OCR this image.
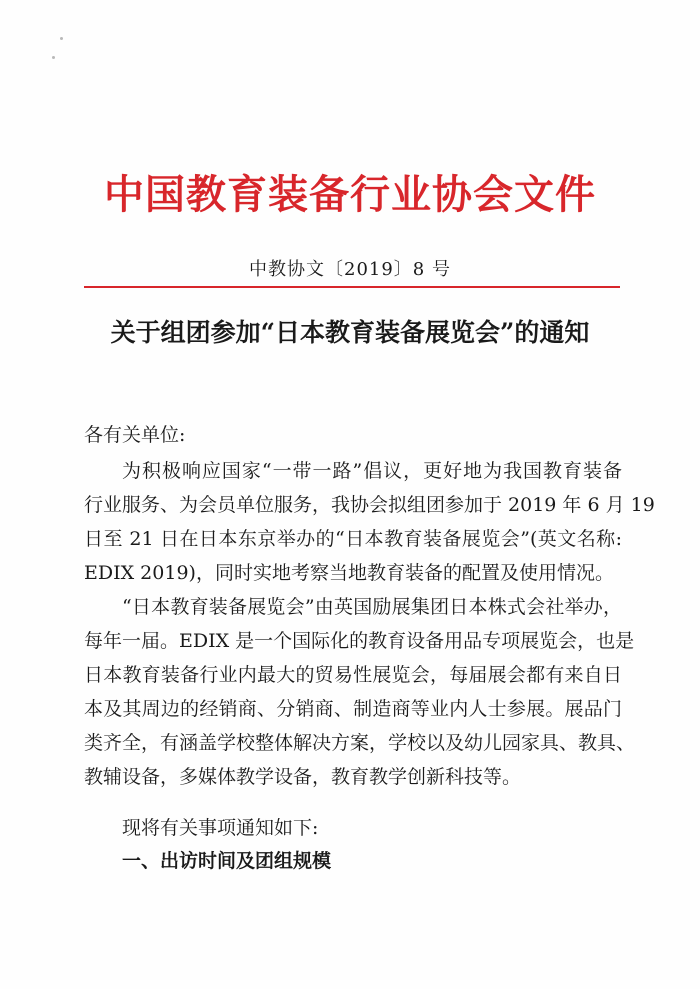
中国教育装备行业协会文件
中教协文〔2019〕8 号
关于组团参加“日本教育装备展览会”的通知
各有关单位:
为积极响应国家“一带一路”倡议，更好地为我国教育装备
行业服务、为会员单位服务，我协会拟组团参加于 2019 年 6 月 19
日至 21 日在日本东京举办的“日本教育装备展览会”(英文名称:
EDIX 2019)，同时实地考察当地教育装备的配置及使用情况。
“日本教育装备展览会”由英国励展集团日本株式会社举办，
每年一届。EDIX 是一个国际化的教育设备用品专项展览会，也是
日本教育装备行业内最大的贸易性展览会，每届展会都有来自日
本及其周边的经销商、分销商、制造商等业内人士参展。展品门
类齐全，有涵盖学校整体解决方案，学校以及幼儿园家具、教具、
教辅设备，多媒体教学设备，教育教学创新科技等。
现将有关事项通知如下:
一、出访时间及团组规模
